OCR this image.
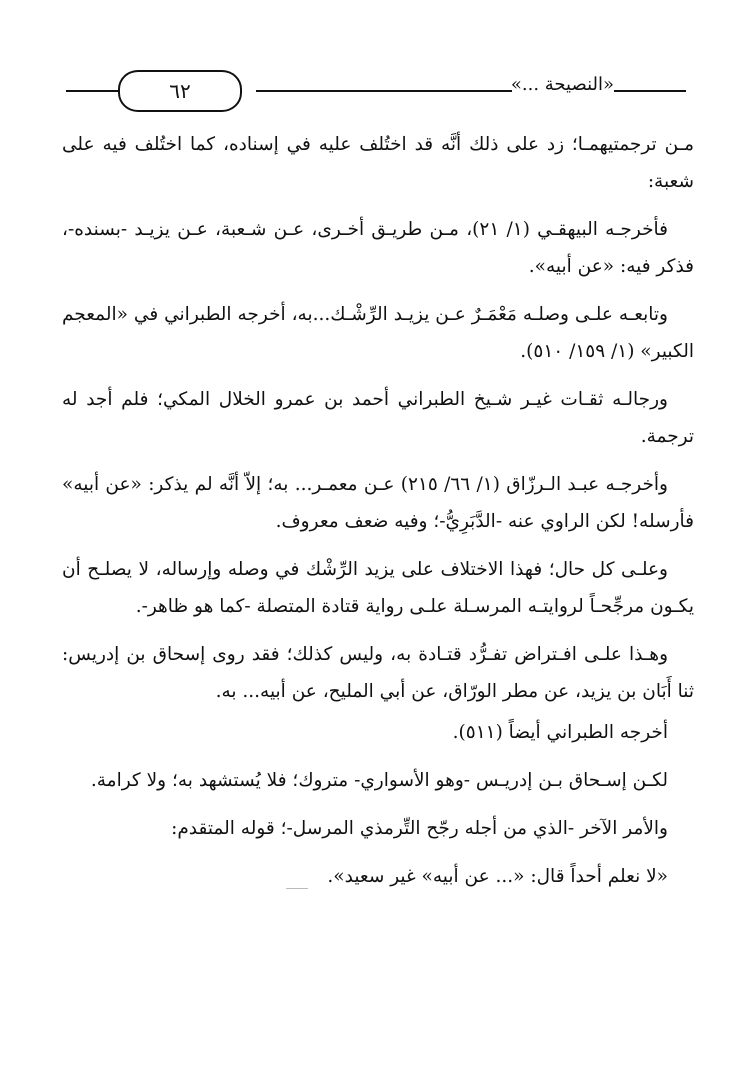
٦٢	«النصيحة ...»

مـن ترجمتيهمـا؛ زد على ذلك أنَّه قد اختُلف عليه في إسناده، كما اختُلف فيه على شعبة:

فأخرجـه البيهقـي (١/ ٢١)، مـن طريـق أخـرى، عـن شـعبة، عـن يزيـد -بسنده-، فذكر فيه: «عن أبيه».

وتابعـه علـى وصلـه مَعْمَـرٌ عـن يزيـد الرِّشْـك...به، أخرجه الطبراني في «المعجم الكبير» (١/ ١٥٩/ ٥١٠).

ورجالـه ثقـات غيـر شـيخ الطبراني أحمد بن عمرو الخلال المكي؛ فلم أجد له ترجمة.

وأخرجـه عبـد الـرزّاق (١/ ٦٦/ ٢١٥) عـن معمـر... به؛ إلاّ أنَّه لم يذكر: «عن أبيه» فأرسله! لكن الراوي عنه -الدَّبَرِيُّ-؛ وفيه ضعف معروف.

وعلـى كل حال؛ فهذا الاختلاف على يزيد الرِّشْك في وصله وإرساله، لا يصلـح أن يكـون مرجِّحـاً لروايتـه المرسـلة علـى رواية قتادة المتصلة -كما هو ظاهر-.

وهـذا علـى افـتراض تفـرُّد قتـادة به، وليس كذلك؛ فقد روى إسحاق بن إدريس: ثنا أَبَان بن يزيد، عن مطر الورّاق، عن أبي المليح، عن أبيه... به.

أخرجه الطبراني أيضاً (٥١١).

لكـن إسـحاق بـن إدريـس -وهو الأسواري- متروك؛ فلا يُستشهد به؛ ولا كرامة.

والأمر الآخر -الذي من أجله رجّح التِّرمذي المرسل-؛ قوله المتقدم:

«لا نعلم أحداً قال: «... عن أبيه» غير سعيد».
